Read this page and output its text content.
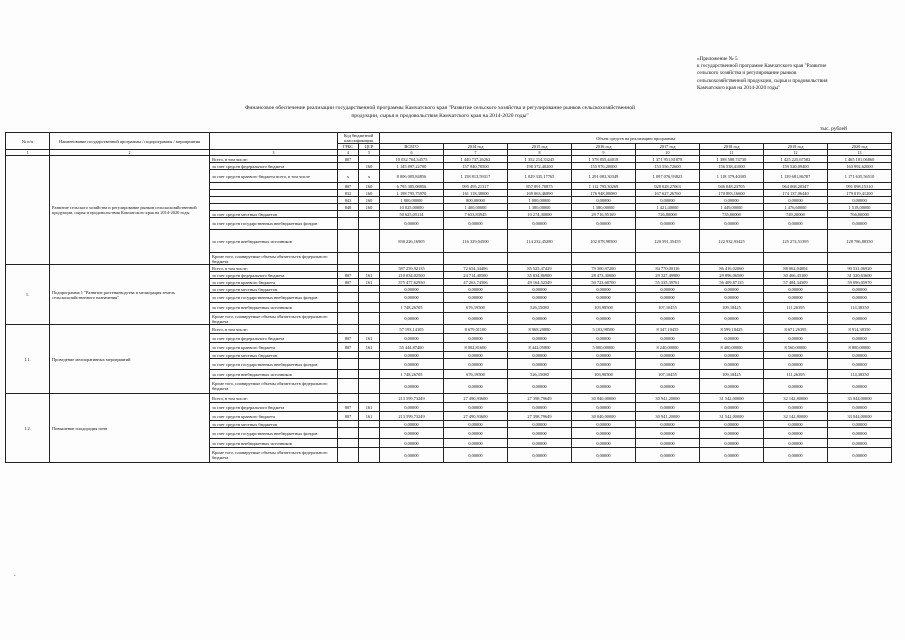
«Приложение № 5
к государственной программе Камчатского края "Развитие
сельского хозяйства и регулирование рынков
сельскохозяйственной продукции, сырья и продовольствия
Камчатского края на 2014-2020 годы"
Финансовое обеспечение реализации государственной программы Камчатского края "Развитие сельского хозяйства и регулирование рынков сельскохозяйственной
продукции, сырья и продовольствия Камчатского края на 2014-2020 годы"
тыс. рублей
№ п/п	Наименование государственной программы / подпрограммы / мероприятия		Код бюджетной классификации		Объем средств на реализацию программы							
			ГРБС	ЦСР	ВСЕГО	2014 год	2015 год	2016 год	2017 год	2018 год	2019 год	2020 год
1	2	3	4	5	6	7	8	9	10	11	12	13
	Развитие сельского хозяйства и регулирование рынков сельскохозяйственной продукции, сырья и продовольствия Камчатского края на 2014-2020 годы	Всего, в том числе:	807		10 032 764,34575	1 440 737,26262	1 352 214,33245	1 578 855,44018	1 371 951,81878	1 398 588,74730	1 425 225,67582	1 465 181,06860
		за счет средств федерального бюджета		160	1 145 897,22700	157 940,78500	198 372,40200	155 976,20000	153 556,72600	156 538,41000	159 520,09400	163 992,62000
		за счет средств краевого бюджета всего, в том числе	x	x	8 006 005,84856	1 158 813,59317	1 029 335,17765	1 291 083,30349	1 097 076,93823	1 118 379,40305	1 139 681,86787	1 171 635,56510
			807	160	6 795 385,08856	995 495,21317	857 891,70875	1 112 795,30269	928 028,27063	946 048,23705	964 068,20347	991 098,15310
			832	160	1 198 795,75970	161 118,38000	169 063,46890	176 948,00080	167 627,26760	170 883,16600	174 137,06440	179 019,41200
			843	160	1 800,00000	800,00000	1 000,00000	0,00000	0,00000	0,00000	0,00000	0,00000
			848	160	10 025,00000	1 400,00000	1 380,00000	1 380,00000	1 421,40000	1 449,00000	1 476,60000	1 518,00000
		за счет средств местных бюджетов			50 625,05114	7 653,83945	10 274,30000	29 716,95169	726,80000	735,00000	749,20000	766,00000
		за счет средств государственных внебюджетных фондов			0,00000	0,00000	0,00000	0,00000	0,00000	0,00000	0,00000	0,00000
		за счет средств внебюджетных источников			830 226,16905	116 329,04500	114 232,45280	102 078,98500	120 591,35455	122 932,93425	125 274,51395	128 786,88350
		Кроме того, планируемые объемы обязательств федерального бюджета										
1.	Подпрограмма 1 "Развитие растениеводства и мелиорация земель сельскохозяйственного назначения"	Всего, в том числе:			587 259,92135	72 654,34406	85 525,47429	79 300,97200	84 770,00116	86 416,02060	88 062,04004	90 531,06920
		за счет средств федерального бюджета	807	161	210 034,02500	24 714,40500	35 834,86900	28 473,30000	29 327,49900	29 896,06500	30 466,43100	31 320,63600
		за счет средств краевого бюджета	807	161	375 477,62930	47 263,74506	49 164,52349	50 723,68700	55 335,39761	56 409,87135	57 484,34509	59 096,05970
		за счет средств местных бюджетов			0,00000	0,00000	0,00000	0,00000	0,00000	0,00000	0,00000	0,00000
		за счет средств государственных внебюджетных фондов			0,00000	0,00000	0,00000	0,00000	0,00000	0,00000	0,00000	0,00000
		за счет средств внебюджетных источников			1 748,26705	676,19500	526,15080	103,98500	107,10455	109,18425	111,26395	114,38350
		Кроме того, планируемые объемы обязательств федерального бюджета			0,00000	0,00000	0,00000	0,00000	0,00000	0,00000	0,00000	0,00000
1.1.	Проведение мелиоративных мероприятий	Всего, в том числе:			57 193,14105	8 679,01100	8 968,20880	5 103,98500	8 347,10455	8 599,18425	8 671,26395	8 914,38350
		за счет средств федерального бюджета	807	161	0,00000	0,00000	0,00000	0,00000	0,00000	0,00000	0,00000	0,00000
		за счет средств краевого бюджета	807	161	55 444,87400	8 002,81600	8 442,05800	5 000,00000	8 240,00000	8 400,00000	8 560,00000	8 800,00000
		за счет средств местных бюджетов			0,00000	0,00000	0,00000	0,00000	0,00000	0,00000	0,00000	0,00000
		за счет средств государственных внебюджетных фондов			0,00000	0,00000	0,00000	0,00000	0,00000	0,00000	0,00000	0,00000
		за счет средств внебюджетных источников			1 748,26705	676,19500	526,15080	103,98500	107,10455	109,18425	111,26395	114,38350
		Кроме того, планируемые объемы обязательств федерального бюджета			0,00000	0,00000	0,00000	0,00000	0,00000	0,00000	0,00000	0,00000
1.2.	Повышение плодородия почв	Всего, в том числе:			213 599,73249	27 490,93600	27 398,79649	30 040,00000	30 941,20000	31 542,00000	32 142,80000	33 044,00000
		за счет средств федерального бюджета	807	161	0,00000	0,00000	0,00000	0,00000	0,00000	0,00000	0,00000	0,00000
		за счет средств краевого бюджета	807	161	213 599,73249	27 490,93600	27 398,79649	30 040,00000	30 941,20000	31 542,00000	32 142,80000	33 044,00000
		за счет средств местных бюджетов			0,00000	0,00000	0,00000	0,00000	0,00000	0,00000	0,00000	0,00000
		за счет средств государственных внебюджетных фондов			0,00000	0,00000	0,00000	0,00000	0,00000	0,00000	0,00000	0,00000
		за счет средств внебюджетных источников			0,00000	0,00000	0,00000	0,00000	0,00000	0,00000	0,00000	0,00000
		Кроме того, планируемые объемы обязательств федерального бюджета			0,00000	0,00000	0,00000	0,00000	0,00000	0,00000	0,00000	0,00000
-
